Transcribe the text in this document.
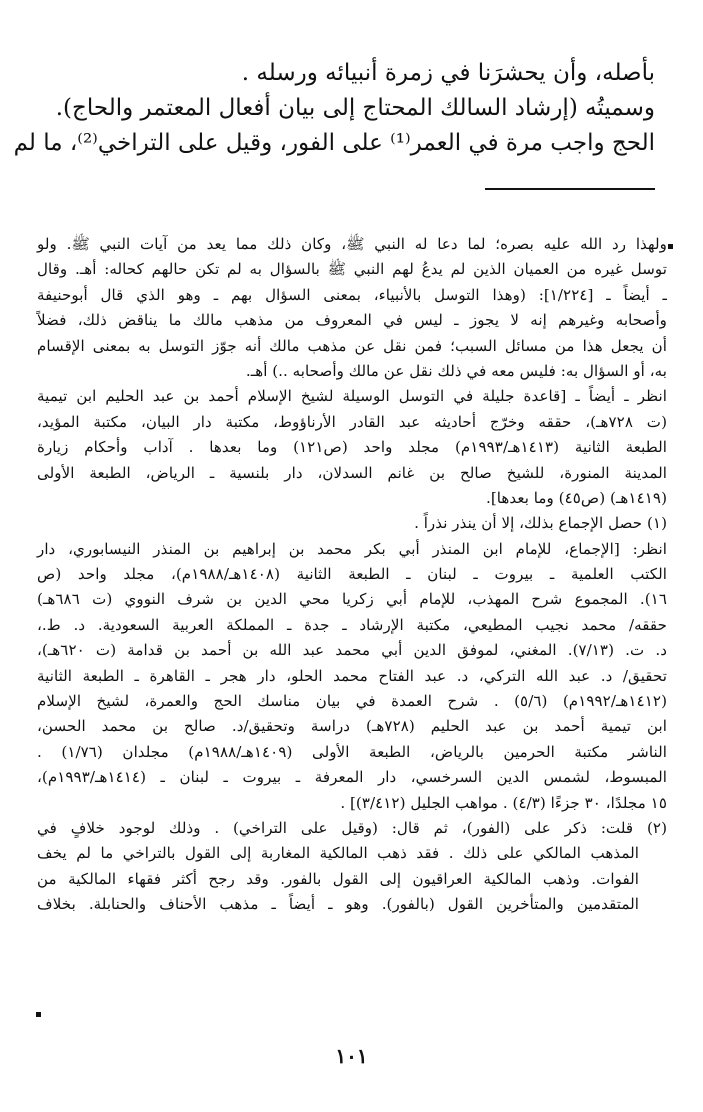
بأصله، وأن يحشرَنا في زمرة أنبيائه ورسله .
وسميتُه (إرشاد السالك المحتاج إلى بيان أفعال المعتمر والحاج).
الحج واجب مرة في العمر⁽¹⁾ على الفور، وقيل على التراخي⁽²⁾، ما لم
ولهذا رد الله عليه بصره؛ لما دعا له النبي ﷺ، وكان ذلك مما يعد من آيات النبي ﷺ. ولو
توسل غيره من العميان الذين لم يدعُ لهم النبي ﷺ بالسؤال به لم تكن حالهم كحاله: أهـ. وقال
ـ أيضاً ـ [١/٢٢٤]: (وهذا التوسل بالأنبياء، بمعنى السؤال بهم ـ وهو الذي قال أبوحنيفة
وأصحابه وغيرهم إنه لا يجوز ـ ليس في المعروف من مذهب مالك ما يناقض ذلك، فضلاً
أن يجعل هذا من مسائل السبب؛ فمن نقل عن مذهب مالك أنه جوّز التوسل به بمعنى الإقسام
به، أو السؤال به: فليس معه في ذلك نقل عن مالك وأصحابه ..) أهـ.
انظر ـ أيضاً ـ [قاعدة جليلة في التوسل الوسيلة لشيخ الإسلام أحمد بن عبد الحليم ابن تيمية
(ت ٧٢٨هـ)، حققه وخرّج أحاديثه عبد القادر الأرناؤوط، مكتبة دار البيان، مكتبة المؤيد،
الطبعة الثانية (١٤١٣هـ/١٩٩٣م) مجلد واحد (ص١٢١) وما بعدها . آداب وأحكام زيارة
المدينة المنورة، للشيخ صالح بن غانم السدلان، دار بلنسية ـ الرياض، الطبعة الأولى
(١٤١٩هـ) (ص٤٥) وما بعدها].
(١) حصل الإجماع بذلك، إلا أن ينذر نذراً .
انظر: [الإجماع، للإمام ابن المنذر أبي بكر محمد بن إبراهيم بن المنذر النيسابوري، دار
الكتب العلمية ـ بيروت ـ لبنان ـ الطبعة الثانية (١٤٠٨هـ/١٩٨٨م)، مجلد واحد (ص
١٦). المجموع شرح المهذب، للإمام أبي زكريا محي الدين بن شرف النووي (ت ٦٨٦هـ)
حققه/ محمد نجيب المطيعي، مكتبة الإرشاد ـ جدة ـ المملكة العربية السعودية. د. ط.،
د. ت. (٧/١٣). المغني، لموفق الدين أبي محمد عبد الله بن أحمد بن قدامة (ت ٦٢٠هـ)،
تحقيق/ د. عبد الله التركي، د. عبد الفتاح محمد الحلو، دار هجر ـ القاهرة ـ الطبعة الثانية
(١٤١٢هـ/١٩٩٢م) (٥/٦) . شرح العمدة في بيان مناسك الحج والعمرة، لشيخ الإسلام
ابن تيمية أحمد بن عبد الحليم (٧٢٨هـ) دراسة وتحقيق/د. صالح بن محمد الحسن،
الناشر مكتبة الحرمين بالرياض، الطبعة الأولى (١٤٠٩هـ/١٩٨٨م) مجلدان (١/٧٦) .
المبسوط، لشمس الدين السرخسي، دار المعرفة ـ بيروت ـ لبنان ـ (١٤١٤هـ/١٩٩٣م)،
١٥ مجلدًا، ٣٠ جزءًا (٤/٣) . مواهب الجليل (٣/٤١٢)] .
(٢) قلت: ذكر على (الفور)، ثم قال: (وقيل على التراخي) . وذلك لوجود خلافٍ في
المذهب المالكي على ذلك . فقد ذهب المالكية المغاربة إلى القول بالتراخي ما لم يخف
الفوات. وذهب المالكية العراقيون إلى القول بالفور. وقد رجح أكثر فقهاء المالكية من
المتقدمين والمتأخرين القول (بالفور). وهو ـ أيضاً ـ مذهب الأحناف والحنابلة. بخلاف
١٠١
